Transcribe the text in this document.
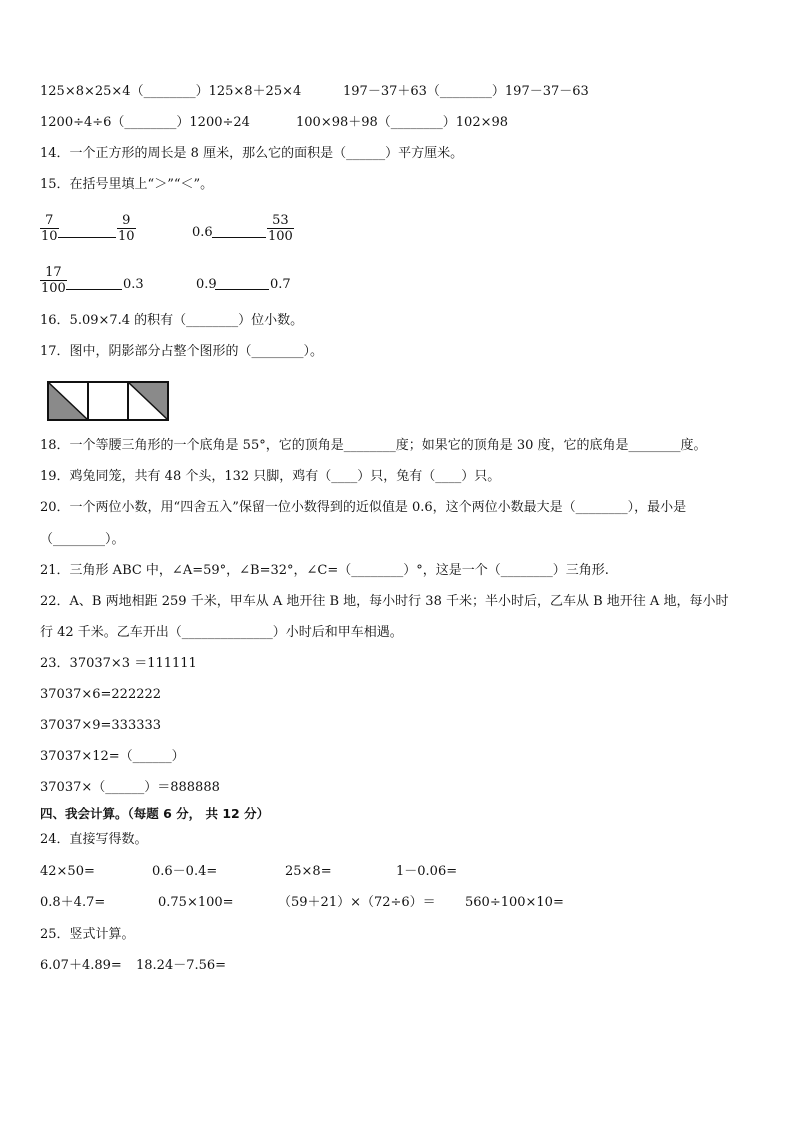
125×8×25×4（________）125×8＋25×4	197－37＋63（________）197－37－63
1200÷4÷6（________）1200÷24	100×98＋98（________）102×98
14．一个正方形的周长是 8 厘米，那么它的面积是（______）平方厘米。
15．在括号里填上“＞”“＜”。
$\frac{7}{10}$	$\frac{9}{10}$	0.6	$\frac{53}{100}$
$\frac{17}{100}$	0.3	0.9	0.7
16．5.09×7.4 的积有（________）位小数。
17．图中，阴影部分占整个图形的（________）。
18．一个等腰三角形的一个底角是 55°，它的顶角是________度；如果它的顶角是 30 度，它的底角是________度。
19．鸡兔同笼，共有 48 个头，132 只脚，鸡有（____）只，兔有（____）只。
20．一个两位小数，用“四舍五入”保留一位小数得到的近似值是 0.6，这个两位小数最大是（________），最小是
（________）。
21．三角形 ABC 中，∠A=59°，∠B=32°，∠C=（________）°，这是一个（________）三角形.
22．A、B 两地相距 259 千米，甲车从 A 地开往 B 地，每小时行 38 千米；半小时后，乙车从 B 地开往 A 地，每小时
行 42 千米。乙车开出（______________）小时后和甲车相遇。
23．37037×3 ＝111111
37037×6=222222
37037×9=333333
37037×12=（______）
37037×（______）＝888888
四、我会计算。（每题 6 分， 共 12 分）
24．直接写得数。
42×50=	0.6－0.4=	25×8=	1－0.06=
0.8＋4.7=	0.75×100=	（59＋21）×（72÷6）＝ 560÷100×10=
25．竖式计算。
6.07＋4.89= 18.24－7.56=
